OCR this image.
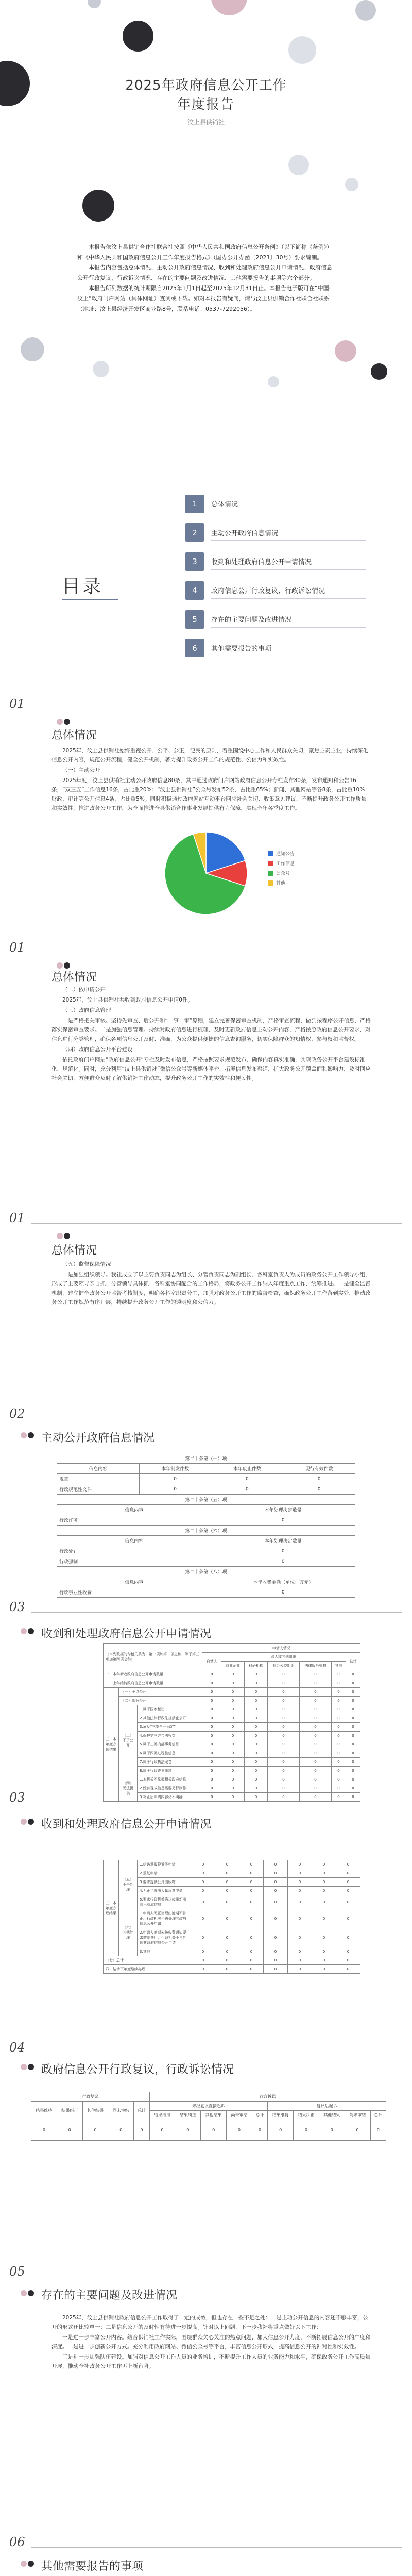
2025年政府信息公开工作
年度报告
汶上县供销社

本报告依汶上县供销合作社联合社按照《中华人民共和国政府信息公开条例》（以下简称《条例》）和《中华人民共和国政府信息公开工作年度报告格式》（国办公开办函〔2021〕30号）要求编制。

本报告内容包括总体情况、主动公开政府信息情况、收到和处理政府信息公开申请情况、政府信息公开行政复议、行政诉讼情况、存在的主要问题及改进情况、其他需要报告的事项等六个部分。

本报告所列数据的统计期限自2025年1月1日起至2025年12月31日止。本报告电子版可在“中国·汶上”政府门户网站（具体网址）查阅或下载。如对本报告有疑问，请与汶上县供销合作社联合社联系（地址：汶上县经济开发区商业路8号，联系电话：0537-7292056）。

目录
1	总体情况
2	主动公开政府信息情况
3	收到和处理政府信息公开申请情况
4	政府信息公开行政复议、行政诉讼情况
5	存在的主要问题及改进情况
6	其他需要报告的事项
01
总体情况

2025年，汶上县供销社始终重视公开、公平、公正，便民的原则，着重围绕中心工作和人民群众关切，聚焦主责主业，持续深化信息公开内容，规范公开流程，健全公开机制，著力提升政务公开工作的规范性、公信力和实效性。

（一）主动公开

2025年度，汶上县供销社主动公开政府信息80条，其中通过政府门户网站政府信息公开专栏发布80条，发布通知和公告16条，“双三五”工作信息16条，占比重20%；“汶上县供销社”公众号发布52条，占比重65%；新闻、其他网站等各8条，占比重10%；财政、审计等公开信息4条，占比重5%。同时积极通过政府网站互动平台回应社会关切、收集意见建议，不断提升政务公开工作质量和实效性，推进政务公开工作，为全面推进全县供销合作事业发展提供有力保障，实现全年各季度工作。

通知公告
工作信息
公众号
其他
01
总体情况

（二）依申请公开

2025年，汶上县供销社共收到政府信息公开申请0件。

（三）政府信息管理

一是严格把关审核。坚持先审查、后公开和“一事一审”原则，建立完善保密审查机制，严格审查流程，做到按程序公开信息，严格落实保密审查要求。二是加强信息管理。持续对政府信息进行梳理，及时更新政府信息主动公开内容，严格按照政府信息公开要求，对信息进行分类管理，确保各项信息公开及时、准确，为公众提供便捷的信息查询服务，切实保障群众的知情权、参与权和监督权。

（四）政府信息公开平台建设

依托政府门户网站“政府信息公开”专栏及时发布信息，严格按照要求规范发布、确保内容真实准确，实现政务公开平台建设标准化、规范化。同时，充分利用“汶上县供销社”微信公众号等新媒体平台，拓展信息发布渠道，扩大政务公开覆盖面和影响力，及时回应社会关切，方便群众及时了解供销社工作动态，提升政务公开工作的实效性和便民性。

01
总体情况

（五）监督保障情况

一是加强组织领导。我社成立了以主要负责同志为组长、分管负责同志为副组长、各科室负责人为成员的政务公开工作领导小组，形成了主要领导亲自抓、分管领导具体抓、各科室协同配合的工作格局，将政务公开工作纳入年度重点工作，统筹推进。二是健全监督机制，建立健全政务公开监督考核制度，明确各科室职责分工，加强对政务公开工作的监督检查，确保政务公开工作落到实处，推动政务公开工作规范有序开展，持续提升政务公开工作的透明度和公信力。

02
主动公开政府信息情况
第二十条第（一）项			
信息内容	本年制发件数	本年废止件数	现行有效件数
规章	0	0	0
行政规范性文件	0	0	0
第二十条第（五）项			
信息内容		本年处理决定数量	
行政许可		0	
第二十条第（六）项			
信息内容		本年处理决定数量	
行政处罚		0	
行政强制		0	
第二十条第（八）项			
信息内容		本年收费金额（单位：万元）	
行政事业性收费		0	
03
收到和处理政府信息公开申请情况
（本列数据的勾稽关系为：第一项加第二项之和，等于第三项加第四项之和）			申请人情况						
			自然人	法人或其他组织					总计
				商业企业	科研机构	社会公益组织	法律服务机构	其他	
一、本年新收政府信息公开申请数量			0	0	0	0	0	0	0
二、上年结转政府信息公开申请数量			0	0	0	0	0	0	0
三、本年度办理结果	（一）予以公开		0	0	0	0	0	0	0
	（二）部分公开		0	0	0	0	0	0	0
	（三）不予公开	1.属于国家秘密	0	0	0	0	0	0	0
		2.其他法律行政法规禁止公开	0	0	0	0	0	0	0
		3.危及“三安全一稳定”	0	0	0	0	0	0	0
		4.保护第三方合法权益	0	0	0	0	0	0	0
		5.属于三类内部事务信息	0	0	0	0	0	0	0
		6.属于四类过程性信息	0	0	0	0	0	0	0
		7.属于行政执法案卷	0	0	0	0	0	0	0
		8.属于行政查询事项	0	0	0	0	0	0	0
	（四）无法提供	1.本机关不掌握相关政府信息	0	0	0	0	0	0	0
		2.没有现成信息需要另行制作	0	0	0	0	0	0	0
		3.补正后申请内容仍不明确	0	0	0	0	0	0	0
03
收到和处理政府信息公开申请情况
三、本年度办理结果	（五）不予处理	1.信访举报投诉类申请	0	0	0	0	0	0	0
		2.重复申请	0	0	0	0	0	0	0
		3.要求提供公开出版物	0	0	0	0	0	0	0
		4.无正当理由大量反复申请	0	0	0	0	0	0	0
		5.要求行政机关确认或重新出具已获取信息	0	0	0	0	0	0	0
	（六）其他处理	1.申请人无正当理由逾期不补正、行政机关不再处理其政府信息公开申请	0	0	0	0	0	0	0
		2.申请人逾期未按收费通知要求缴纳费用、行政机关不再处理其政府信息公开申请	0	0	0	0	0	0	0
		3.其他	0	0	0	0	0	0	0
（七）总计			0	0	0	0	0	0	0
四、结转下年度继续办理			0	0	0	0	0	0	0
04
政府信息公开行政复议，行政诉讼情况
行政复议					行政诉讼									
结果维持	结果纠正	其他结果	尚未审结	总计	未经复议直接起诉					复议后起诉				
					结果维持	结果纠正	其他结果	尚未审结	总计	结果维持	结果纠正	其他结果	尚未审结	总计
0	0	0	0	0	0	0	0	0	0	0	0	0	0	0
05
存在的主要问题及改进情况

2025年，汶上县供销社政府信息公开工作取得了一定的成效，但也存在一些不足之处：一是主动公开信息的内容还不够丰富，公开的形式还比较单一；二是信息公开的及时性有待进一步提高。针对以上问题，下一步我社将重点做好以下工作：

一是进一步丰富公开内容。结合供销社工作实际，围绕群众关心关注的热点问题，加大信息公开力度，不断拓展信息公开的广度和深度。二是进一步创新公开方式。充分利用政府网站、微信公众号等平台，丰富信息公开形式，提高信息公开的针对性和实效性。

三是进一步加强队伍建设。加强对信息公开工作人员的业务培训，不断提升工作人员的业务能力和水平，确保政务公开工作高质量开展，推动全社政务公开工作再上新台阶。

06
其他需要报告的事项
